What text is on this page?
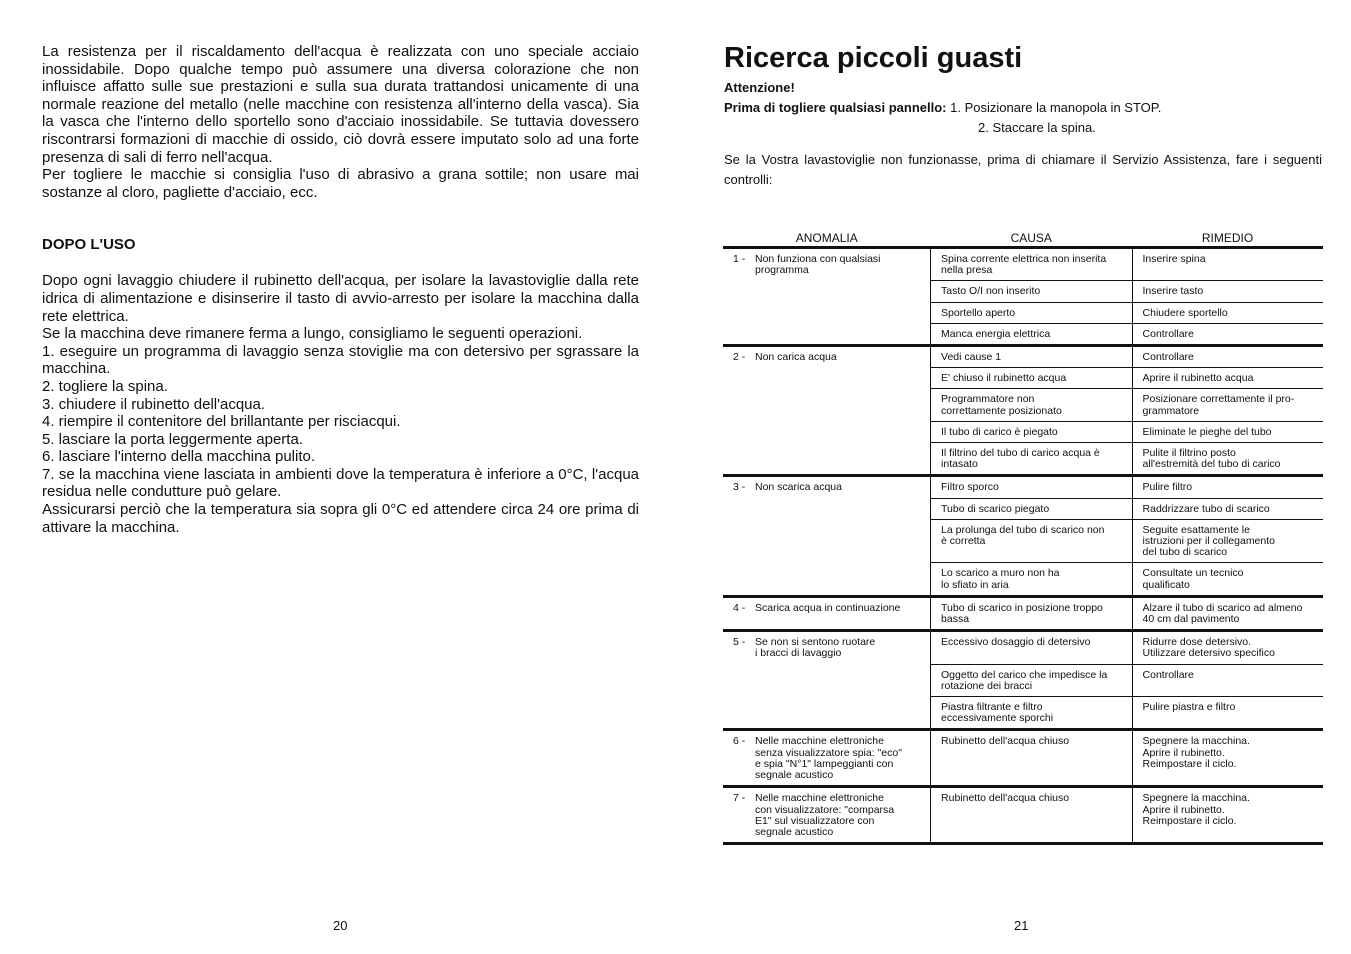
La resistenza per il riscaldamento dell'acqua è realizzata con uno speciale acciaio inossidabile. Dopo qualche tempo può assumere una diversa colorazione che non influisce affatto sulle sue prestazioni e sulla sua durata trattandosi unicamente di una normale reazione del metallo (nelle macchine con resistenza all'interno della vasca). Sia la vasca che l'interno dello sportello sono d'acciaio inossidabile. Se tuttavia dovessero riscontrarsi formazioni di macchie di ossido, ciò dovrà essere imputato solo ad una forte presenza di sali di ferro nell'acqua.

Per togliere le macchie si consiglia l'uso di abrasivo a grana sottile; non usare mai sostanze al cloro, pagliette d'acciaio, ecc.

DOPO L'USO

Dopo ogni lavaggio chiudere il rubinetto dell'acqua, per isolare la lavastoviglie dalla rete idrica di alimentazione e disinserire il tasto di avvio-arresto per isolare la macchina dalla rete elettrica.

Se la macchina deve rimanere ferma a lungo, consigliamo le seguenti operazioni.

1. eseguire un programma di lavaggio senza stoviglie ma con detersivo per sgrassare la macchina.
2. togliere la spina.
3. chiudere il rubinetto dell'acqua.
4. riempire il contenitore del brillantante per risciacqui.
5. lasciare la porta leggermente aperta.
6. lasciare l'interno della macchina pulito.
7. se la macchina viene lasciata in ambienti dove la temperatura è inferiore a 0°C, l'acqua residua nelle condutture può gelare.

Assicurarsi perciò che la temperatura sia sopra gli 0°C ed attendere circa 24 ore prima di attivare la macchina.

20
Ricerca piccoli guasti
Attenzione!
Prima di togliere qualsiasi pannello: 1. Posizionare la manopola in STOP.
2. Staccare la spina.
Se la Vostra lavastoviglie non funzionasse, prima di chiamare il Servizio Assistenza, fare i seguenti controlli:
ANOMALIA	CAUSA	RIMEDIO

1 - Non funziona con qualsiasi
programma	Spina corrente elettrica non inserita
nella presa	Inserire spina

	Tasto O/I non inserito	Inserire tasto

	Sportello aperto	Chiudere sportello

	Manca energia elettrica	Controllare

2 - Non carica acqua	Vedi cause 1	Controllare

	E' chiuso il rubinetto acqua	Aprire il rubinetto acqua

	Programmatore non
correttamente posizionato	Posizionare correttamente il pro-
grammatore

	Il tubo di carico è piegato	Eliminate le pieghe del tubo

	Il filtrino del tubo di carico acqua è
intasato	Pulite il filtrino posto
all'estremità del tubo di carico

3 - Non scarica acqua	Filtro sporco	Pulire filtro

	Tubo di scarico piegato	Raddrizzare tubo di scarico

	La prolunga del tubo di scarico non
è corretta	Seguite esattamente le
istruzioni per il collegamento
del tubo di scarico

	Lo scarico a muro non ha
lo sfiato in aria	Consultate un tecnico
qualificato

4 - Scarica acqua in continuazione	Tubo di scarico in posizione troppo
bassa	Alzare il tubo di scarico ad almeno
40 cm dal pavimento

5 - Se non si sentono ruotare
i bracci di lavaggio	Eccessivo dosaggio di detersivo	Ridurre dose detersivo.
Utilizzare detersivo specifico

	Oggetto del carico che impedisce la
rotazione dei bracci	Controllare

	Piastra filtrante e filtro
eccessivamente sporchi	Pulire piastra e filtro

6 - Nelle macchine elettroniche
senza visualizzatore spia: "eco"
e spia "N°1" lampeggianti con
segnale acustico	Rubinetto dell'acqua chiuso	Spegnere la macchina.
Aprire il rubinetto.
Reimpostare il ciclo.

7 - Nelle macchine elettroniche
con visualizzatore: "comparsa
E1" sul visualizzatore con
segnale acustico	Rubinetto dell'acqua chiuso	Spegnere la macchina.
Aprire il rubinetto.
Reimpostare il ciclo.
21
